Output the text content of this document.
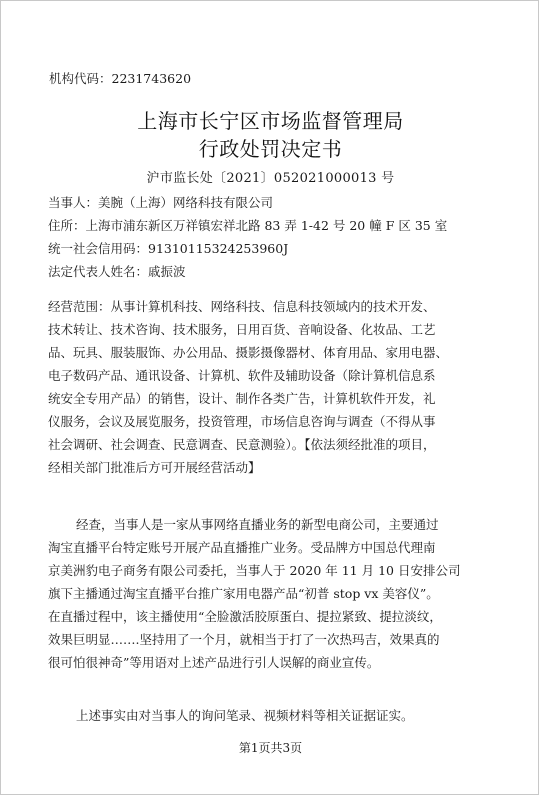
机构代码：2231743620
上海市长宁区市场监督管理局
行政处罚决定书
沪市监长处〔2021〕052021000013 号
当事人：美腕（上海）网络科技有限公司
住所：上海市浦东新区万祥镇宏祥北路 83 弄 1-42 号 20 幢 F 区 35 室
统一社会信用码：91310115324253960J
法定代表人姓名：戚振波
经营范围：从事计算机科技、网络科技、信息科技领域内的技术开发、
技术转让、技术咨询、技术服务，日用百货、音响设备、化妆品、工艺
品、玩具、服装服饰、办公用品、摄影摄像器材、体育用品、家用电器、
电子数码产品、通讯设备、计算机、软件及辅助设备（除计算机信息系
统安全专用产品）的销售，设计、制作各类广告，计算机软件开发，礼
仪服务，会议及展览服务，投资管理，市场信息咨询与调查（不得从事
社会调研、社会调查、民意调查、民意测验）。【依法须经批准的项目，
经相关部门批准后方可开展经营活动】
经查，当事人是一家从事网络直播业务的新型电商公司，主要通过
淘宝直播平台特定账号开展产品直播推广业务。受品牌方中国总代理南
京美洲豹电子商务有限公司委托，当事人于 2020 年 11 月 10 日安排公司
旗下主播通过淘宝直播平台推广家用电器产品“初普 stop vx 美容仪”。
在直播过程中，该主播使用“全脸激活胶原蛋白、提拉紧致、提拉淡纹，
效果巨明显…….坚持用了一个月，就相当于打了一次热玛吉，效果真的
很可怕很神奇”等用语对上述产品进行引人误解的商业宣传。
上述事实由对当事人的询问笔录、视频材料等相关证据证实。
第1页共3页
